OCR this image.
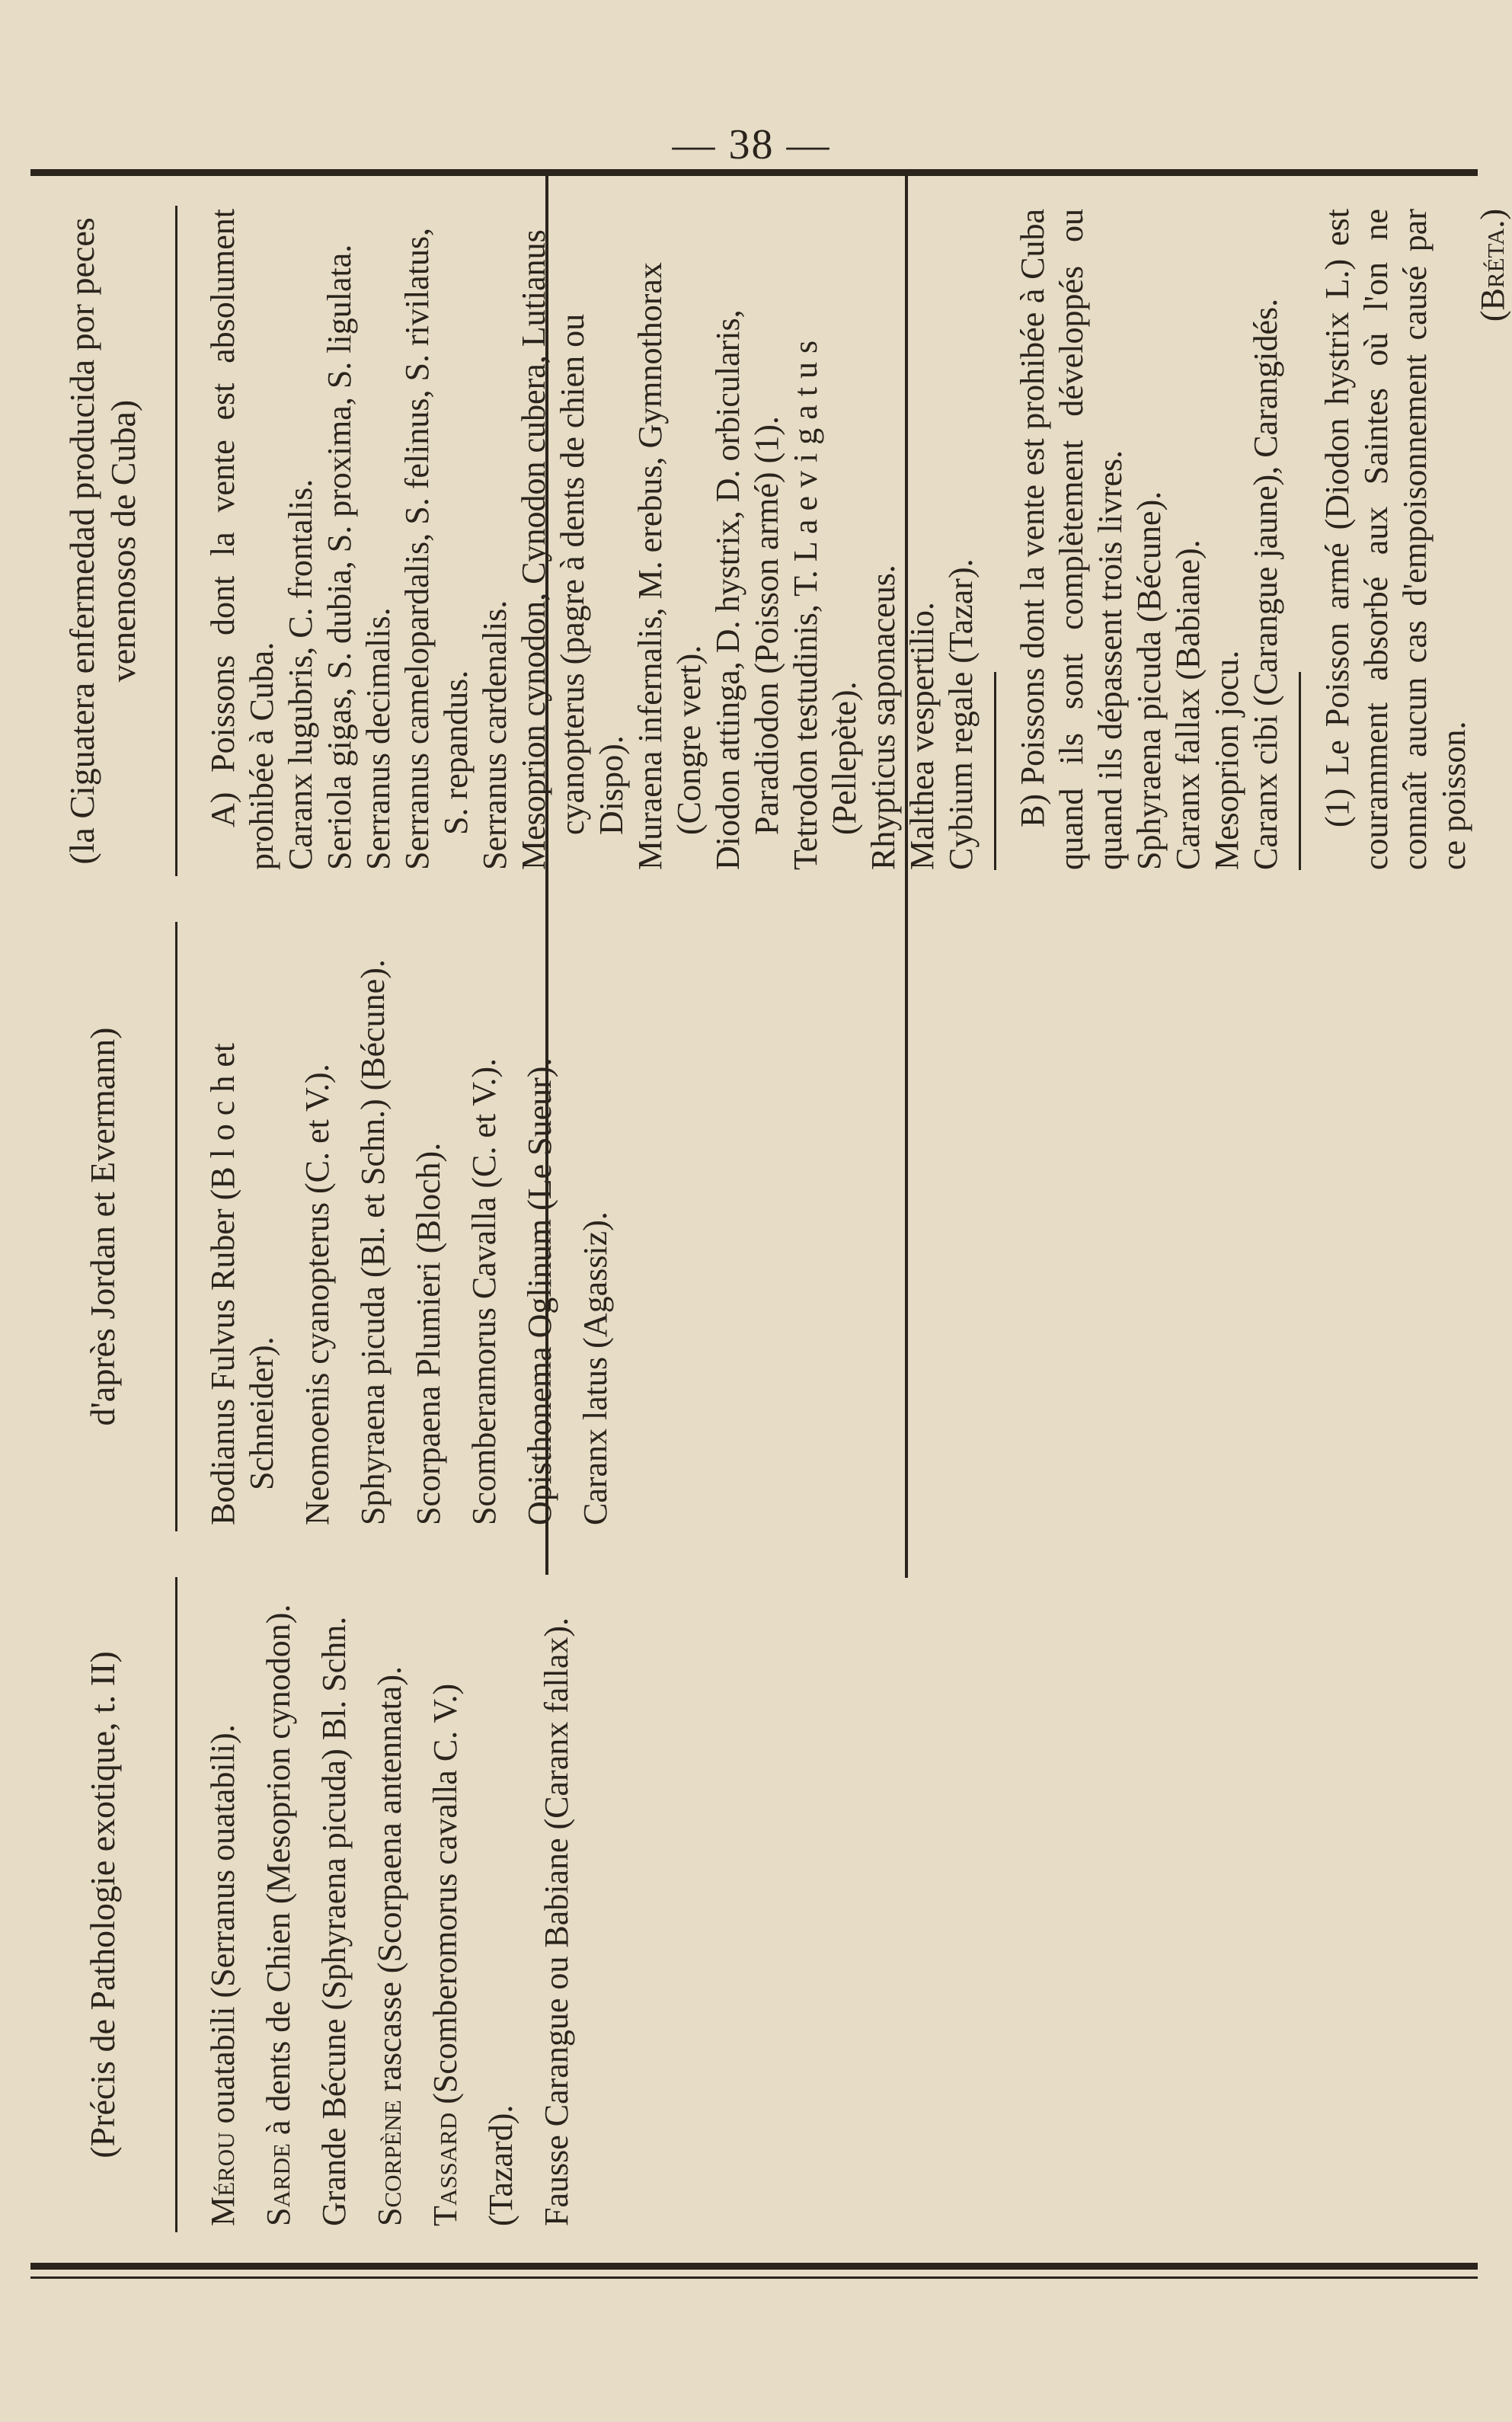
— 38 —
(Précis de Pathologie exotique, t. II)
Mérou ouatabili (Serranus ouatabili).
Sarde à dents de Chien (Mesoprion cynodon). Grande Bécune (Sphyraena picuda) Bl. Schn. Scorpène rascasse (Scorpaena antennata).
Tassard (Scomberomorus cavalla C. V.)
(Tazard). Fausse Carangue ou Babiane (Caranx fallax).
d'après Jordan et Evermann)	Bodianus Fulvus Ruber (B l o c h et Schneider). Neomoenis cyanopterus (C. et V.). Sphyraena picuda (Bl. et Schn.) (Bécune). Scorpaena Plumieri (Bloch). Scomberamorus Cavalla (C. et V.). Opisthonema Oglinum (Le Sueur). Caranx latus (Agassiz).
(la Ciguatera enfermedad producida por peces venenosos de Cuba)	A) Poissons dont la vente est absolument prohibée à Cuba. Caranx lugubris, C. frontalis. Seriola gigas, S. dubia, S. proxima, S. ligulata. Serranus decimalis. Serranus camelopardalis, S. felinus, S. rivilatus, S. repandus. Serranus cardenalis. Mesoprion cynodon, Cynodon cubera, Lutianus cyanopterus (pagre à dents de chien ou Dispo). Muraena infernalis, M. erebus, Gymnothorax (Congre vert). Diodon attinga, D. hystrix, D. orbicularis, Paradiodon (Poisson armé) (1). Tetrodon testudinis, T. L a e v i g a t u s (Pellepète). Rhypticus saponaceus. Malthea vespertilio. Cybium regale (Tazar). B) Poissons dont la vente est prohibée à Cuba quand ils sont complètement développés ou quand ils dépassent trois livres. Sphyraena picuda (Bécune). Caranx fallax (Babiane). Mesoprion jocu. Caranx cibi (Carangue jaune), Carangidés. (1) Le Poisson armé (Diodon hystrix L.) est couramment absorbé aux Saintes où l'on ne connaît aucun cas d'empoisonnement causé par ce poisson.

(Bréta.)
